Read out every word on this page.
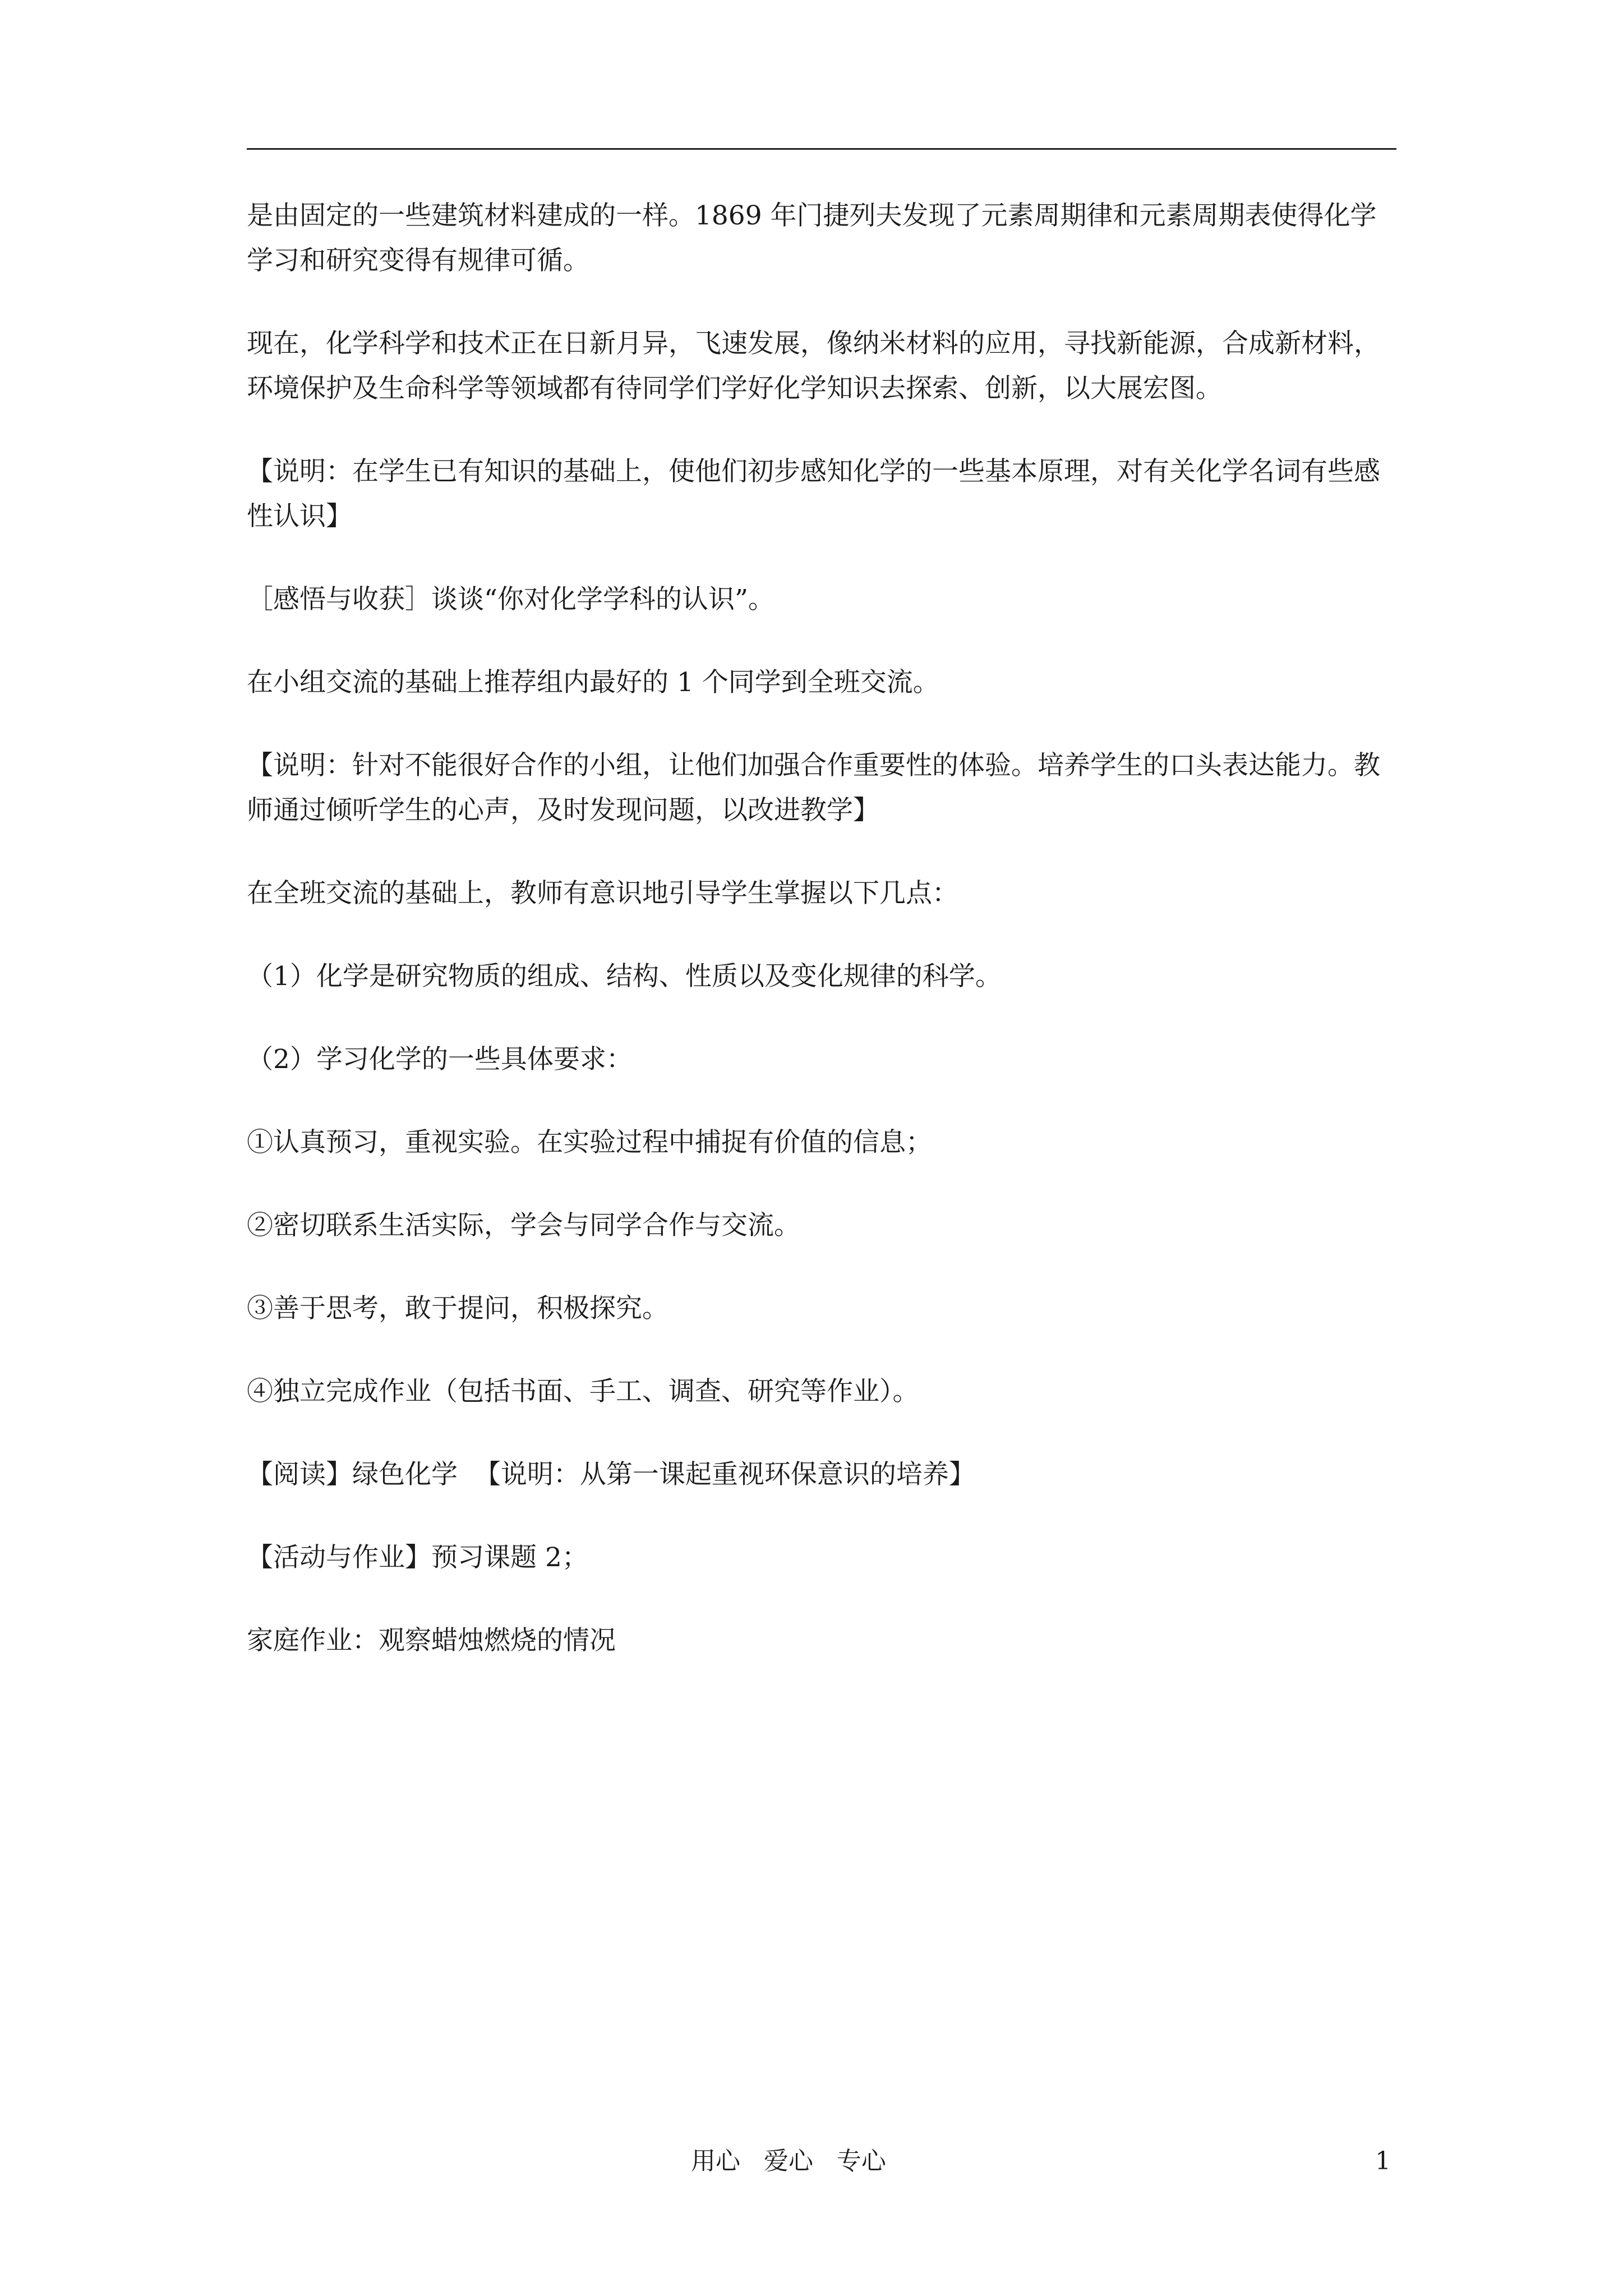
是由固定的一些建筑材料建成的一样。1869 年门捷列夫发现了元素周期律和元素周期表使得化学学习和研究变得有规律可循。

现在，化学科学和技术正在日新月异，飞速发展，像纳米材料的应用，寻找新能源，合成新材料，环境保护及生命科学等领域都有待同学们学好化学知识去探索、创新，以大展宏图。

【说明：在学生已有知识的基础上，使他们初步感知化学的一些基本原理，对有关化学名词有些感性认识】

［感悟与收获］谈谈“你对化学学科的认识”。

在小组交流的基础上推荐组内最好的 1 个同学到全班交流。

【说明：针对不能很好合作的小组，让他们加强合作重要性的体验。培养学生的口头表达能力。教师通过倾听学生的心声，及时发现问题，以改进教学】

在全班交流的基础上，教师有意识地引导学生掌握以下几点：

（1）化学是研究物质的组成、结构、性质以及变化规律的科学。

（2）学习化学的一些具体要求：

①认真预习，重视实验。在实验过程中捕捉有价值的信息；

②密切联系生活实际，学会与同学合作与交流。

③善于思考，敢于提问，积极探究。

④独立完成作业（包括书面、手工、调查、研究等作业）。

【阅读】绿色化学  【说明：从第一课起重视环保意识的培养】

【活动与作业】预习课题 2；

家庭作业：观察蜡烛燃烧的情况

用心   爱心   专心	1
